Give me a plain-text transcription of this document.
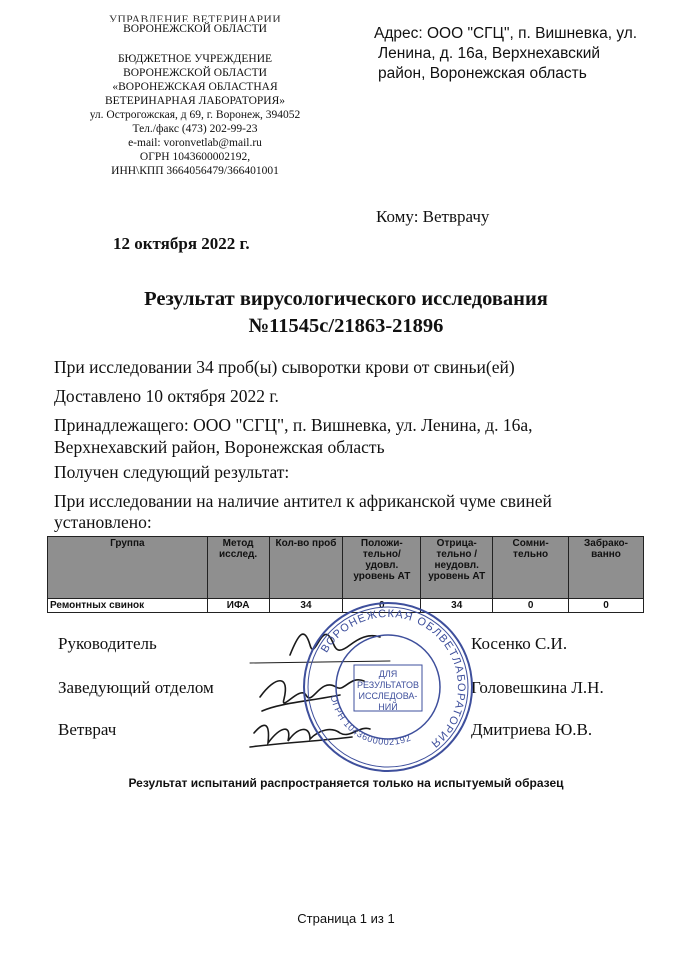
УПРАВЛЕНИЕ ВЕТЕРИНАРИИ
ВОРОНЕЖСКОЙ ОБЛАСТИ
БЮДЖЕТНОЕ УЧРЕЖДЕНИЕ
ВОРОНЕЖСКОЙ ОБЛАСТИ
«ВОРОНЕЖСКАЯ ОБЛАСТНАЯ
ВЕТЕРИНАРНАЯ ЛАБОРАТОРИЯ»
ул. Острогожская, д 69, г. Воронеж, 394052
Тел./факс (473) 202-99-23
e-mail: voronvetlab@mail.ru
ОГРН 1043600002192,
ИНН\КПП 3664056479/366401001
Адрес: ООО "СГЦ", п. Вишневка, ул.
Ленина, д. 16а, Верхнехавский
район, Воронежская область
Кому: Ветврачу
12 октября 2022 г.
Результат вирусологического исследования
№11545с/21863-21896
При исследовании 34 проб(ы) сыворотки крови от свиньи(ей)
Доставлено 10 октября 2022 г.
Принадлежащего: ООО "СГЦ", п. Вишневка, ул. Ленина, д. 16а,
Верхнехавский район, Воронежская область
Получен следующий результат:
При исследовании на наличие антител к африканской чуме свиней
установлено:
Группа	Метод исслед.	Кол-во проб	Положи-тельно/ удовл. уровень АТ	Отрица-тельно / неудовл. уровень АТ	Сомни-тельно	Забрако-ванно
Ремонтных свинок	ИФА	34	0	34	0	0
Руководитель
Заведующий отделом
Ветврач
Косенко С.И.
Головешкина Л.Н.
Дмитриева Ю.В.
ВОРОНЕЖСКАЯ ОБЛВЕТЛАБОРАТОРИЯ
ОГРН 1043600002192
ДЛЯ
РЕЗУЛЬТАТОВ
ИССЛЕДОВА-
НИЙ
Результат испытаний распространяется только на испытуемый образец
Страница 1 из 1
